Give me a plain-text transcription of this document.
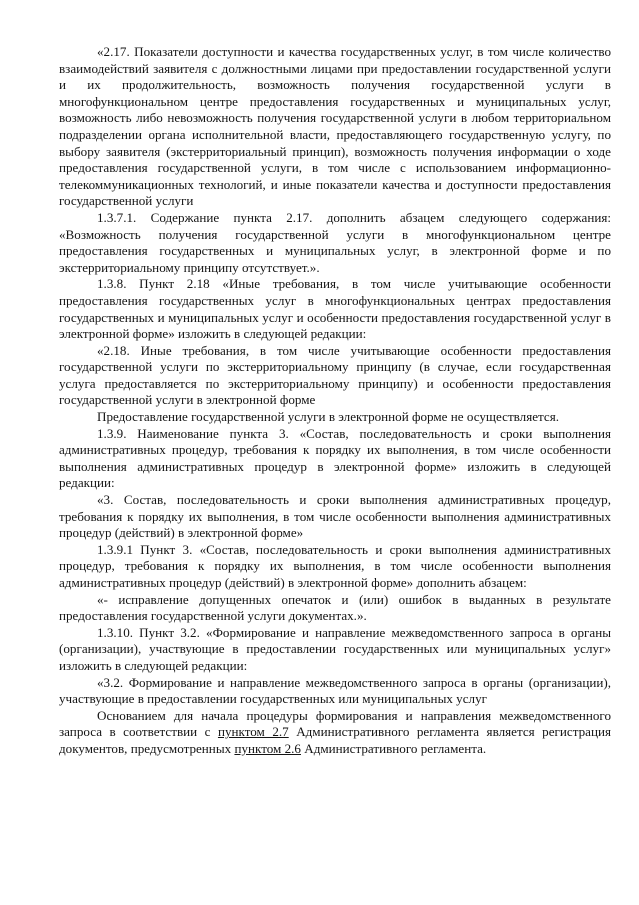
«2.17. Показатели доступности и качества государственных услуг, в том числе количество взаимодействий заявителя с должностными лицами при предоставлении государственной услуги и их продолжительность, возможность получения государственной услуги в многофункциональном центре предоставления государственных и муниципальных услуг, возможность либо невозможность получения государственной услуги в любом территориальном подразделении органа исполнительной власти, предоставляющего государственную услугу, по выбору заявителя (экстерриториальный принцип), возможность получения информации о ходе предоставления государственной услуги, в том числе с использованием информационно-телекоммуникационных технологий, и иные показатели качества и доступности предоставления государственной услуги

1.3.7.1. Содержание пункта 2.17. дополнить абзацем следующего содержания: «Возможность получения государственной услуги в многофункциональном центре предоставления государственных и муниципальных услуг, в электронной форме и по экстерриториальному принципу отсутствует.».

1.3.8. Пункт 2.18 «Иные требования, в том числе учитывающие особенности предоставления государственных услуг в многофункциональных центрах предоставления государственных и муниципальных услуг и особенности предоставления государственной услуг в электронной форме» изложить в следующей редакции:

«2.18. Иные требования, в том числе учитывающие особенности предоставления государственной услуги по экстерриториальному принципу (в случае, если государственная услуга предоставляется по экстерриториальному принципу) и особенности предоставления государственной услуги в электронной форме

Предоставление государственной услуги в электронной форме не осуществляется.

1.3.9. Наименование пункта 3. «Состав, последовательность и сроки выполнения административных процедур, требования к порядку их выполнения, в том числе особенности выполнения административных процедур в электронной форме» изложить в следующей редакции:

«3. Состав, последовательность и сроки выполнения административных процедур, требования к порядку их выполнения, в том числе особенности выполнения административных процедур (действий) в электронной форме»

1.3.9.1 Пункт 3. «Состав, последовательность и сроки выполнения административных процедур, требования к порядку их выполнения, в том числе особенности выполнения административных процедур (действий) в электронной форме» дополнить абзацем:

«- исправление допущенных опечаток и (или) ошибок в выданных в результате предоставления государственной услуги документах.».

1.3.10. Пункт 3.2. «Формирование и направление межведомственного запроса в органы (организации), участвующие в предоставлении государственных или муниципальных услуг» изложить в следующей редакции:

«3.2. Формирование и направление межведомственного запроса в органы (организации), участвующие в предоставлении государственных или муниципальных услуг

Основанием для начала процедуры формирования и направления межведомственного запроса в соответствии с пунктом 2.7 Административного регламента является регистрация документов, предусмотренных пунктом 2.6 Административного регламента.
